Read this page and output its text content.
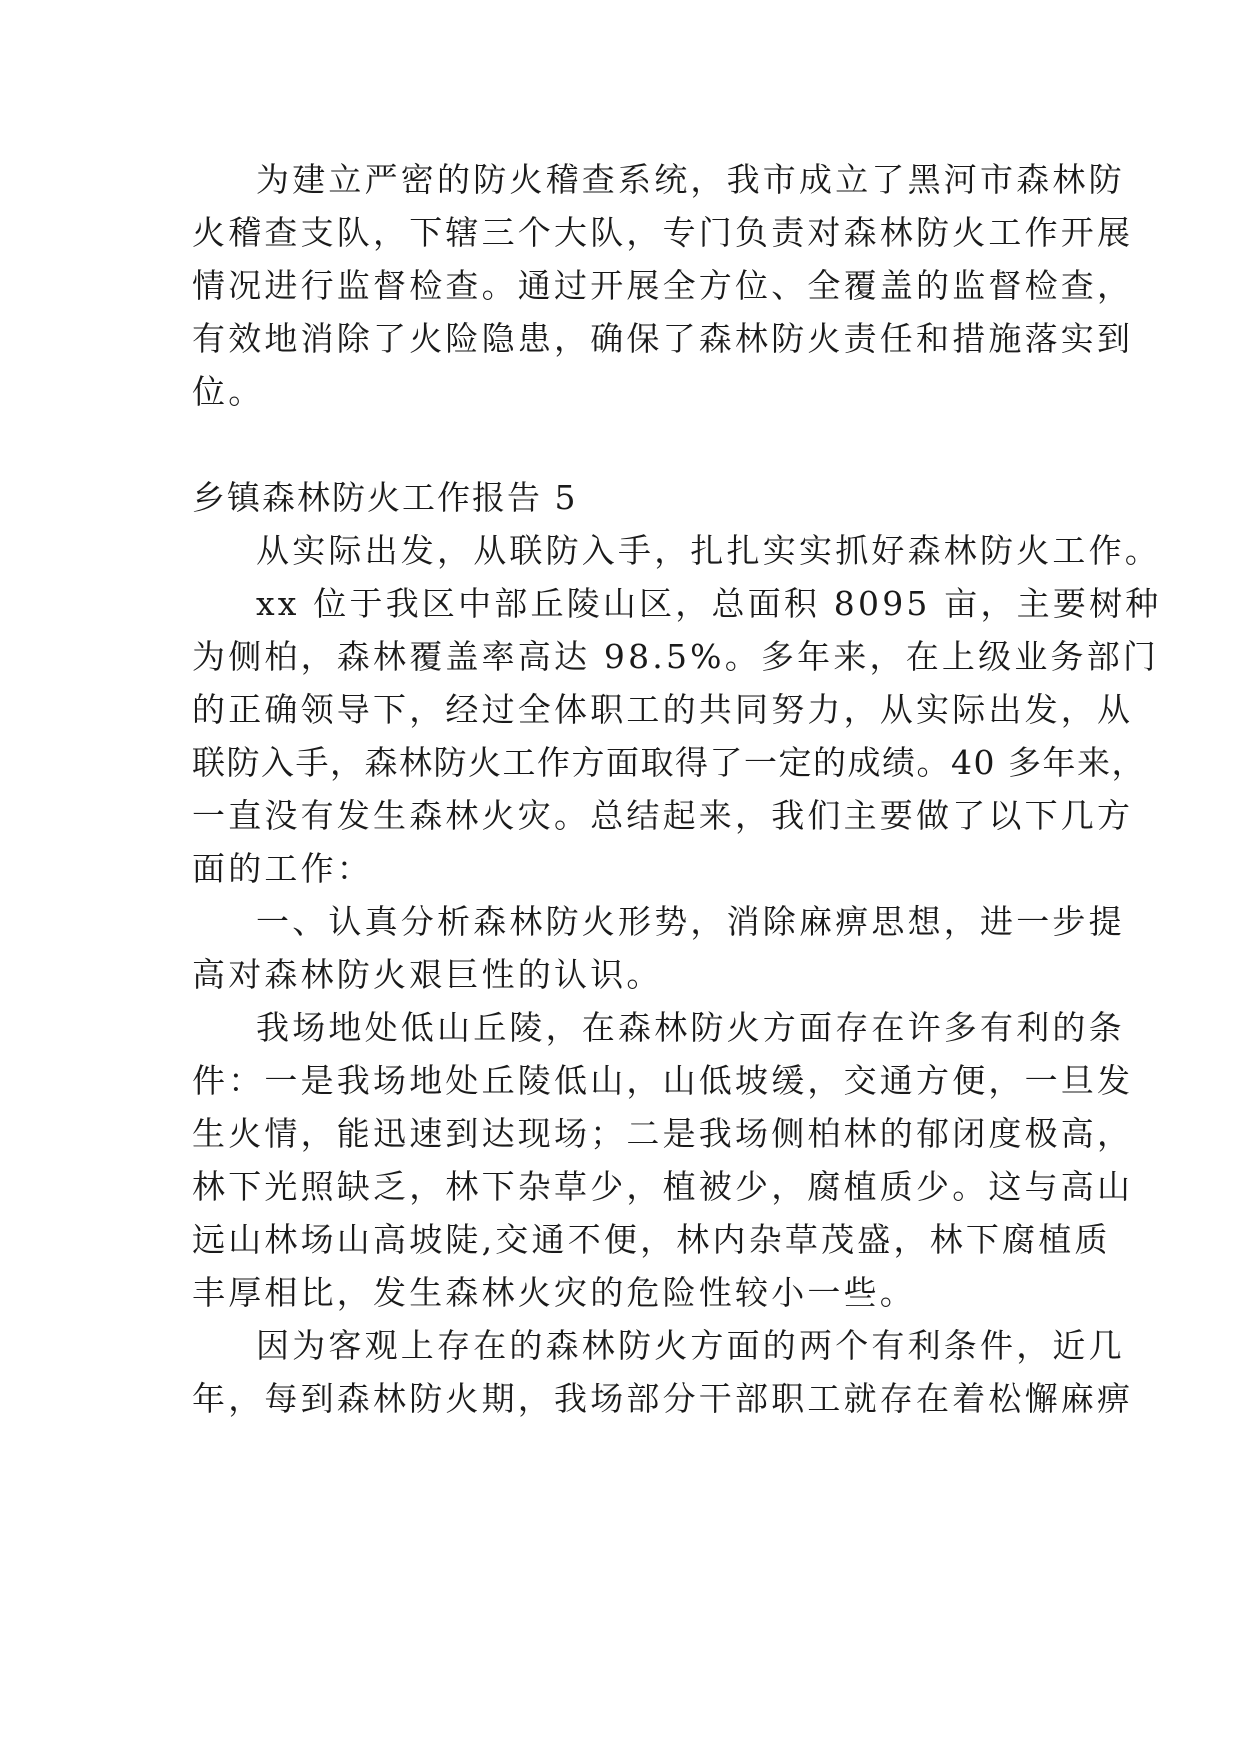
为建立严密的防火稽查系统，我市成立了黑河市森林防
火稽查支队，下辖三个大队，专门负责对森林防火工作开展
情况进行监督检查。通过开展全方位、全覆盖的监督检查，
有效地消除了火险隐患，确保了森林防火责任和措施落实到
位。
乡镇森林防火工作报告 5
从实际出发，从联防入手，扎扎实实抓好森林防火工作。
xx 位于我区中部丘陵山区，总面积 8095 亩，主要树种
为侧柏，森林覆盖率高达 98.5%。多年来，在上级业务部门
的正确领导下，经过全体职工的共同努力，从实际出发，从
联防入手，森林防火工作方面取得了一定的成绩。40 多年来，
一直没有发生森林火灾。总结起来，我们主要做了以下几方
面的工作：
一、认真分析森林防火形势，消除麻痹思想，进一步提
高对森林防火艰巨性的认识。
我场地处低山丘陵，在森林防火方面存在许多有利的条
件：一是我场地处丘陵低山，山低坡缓，交通方便，一旦发
生火情，能迅速到达现场；二是我场侧柏林的郁闭度极高，
林下光照缺乏，林下杂草少，植被少，腐植质少。这与高山
远山林场山高坡陡,交通不便，林内杂草茂盛，林下腐植质
丰厚相比，发生森林火灾的危险性较小一些。
因为客观上存在的森林防火方面的两个有利条件，近几
年，每到森林防火期，我场部分干部职工就存在着松懈麻痹
